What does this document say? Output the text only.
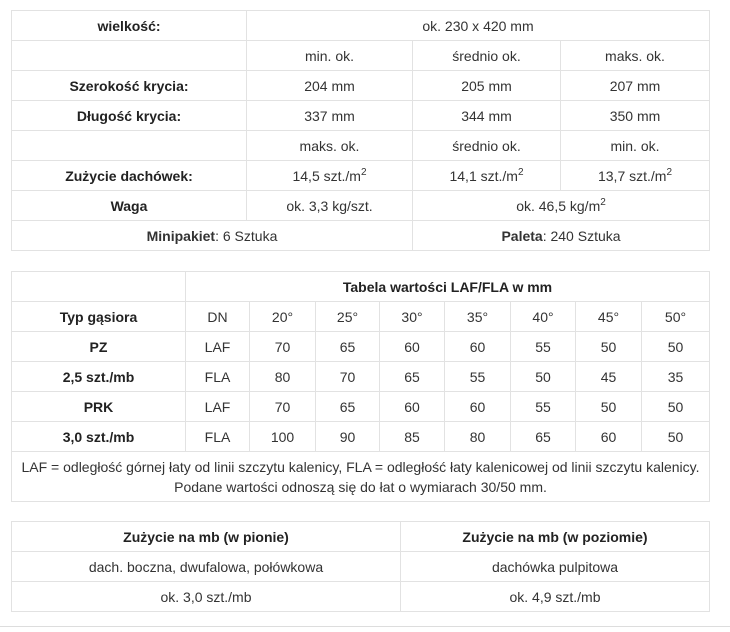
wielkość:	ok. 230 x 420 mm		
	min. ok.	średnio ok.	maks. ok.
Szerokość krycia:	204 mm	205 mm	207 mm
Długość krycia:	337 mm	344 mm	350 mm
	maks. ok.	średnio ok.	min. ok.
Zużycie dachówek:	14,5 $szt./m^2$	14,1 $szt./m^2$	13,7 $szt./m^2$
Waga	ok. 3,3 kg/szt.	ok. 46,5 $kg/m^2$
Minipakiet: 6 Sztuka		Paleta: 240 Sztuka	
	Tabela wartości LAF/FLA w mm							
Typ gąsiora	DN	20°	25°	30°	35°	40°	45°	50°
PZ	LAF	70	65	60	60	55	50	50
2,5 szt./mb	FLA	80	70	65	55	50	45	35
PRK	LAF	70	65	60	60	55	50	50
3,0 szt./mb	FLA	100	90	85	80	65	60	50
LAF = odległość górnej łaty od linii szczytu kalenicy, FLA = odległość łaty kalenicowej od linii szczytu kalenicy. Podane wartości odnoszą się do łat o wymiarach 30/50 mm.								
Zużycie na mb (w pionie)	Zużycie na mb (w poziomie)
dach. boczna, dwufalowa, połówkowa	dachówka pulpitowa
ok. 3,0 szt./mb	ok. 4,9 szt./mb
